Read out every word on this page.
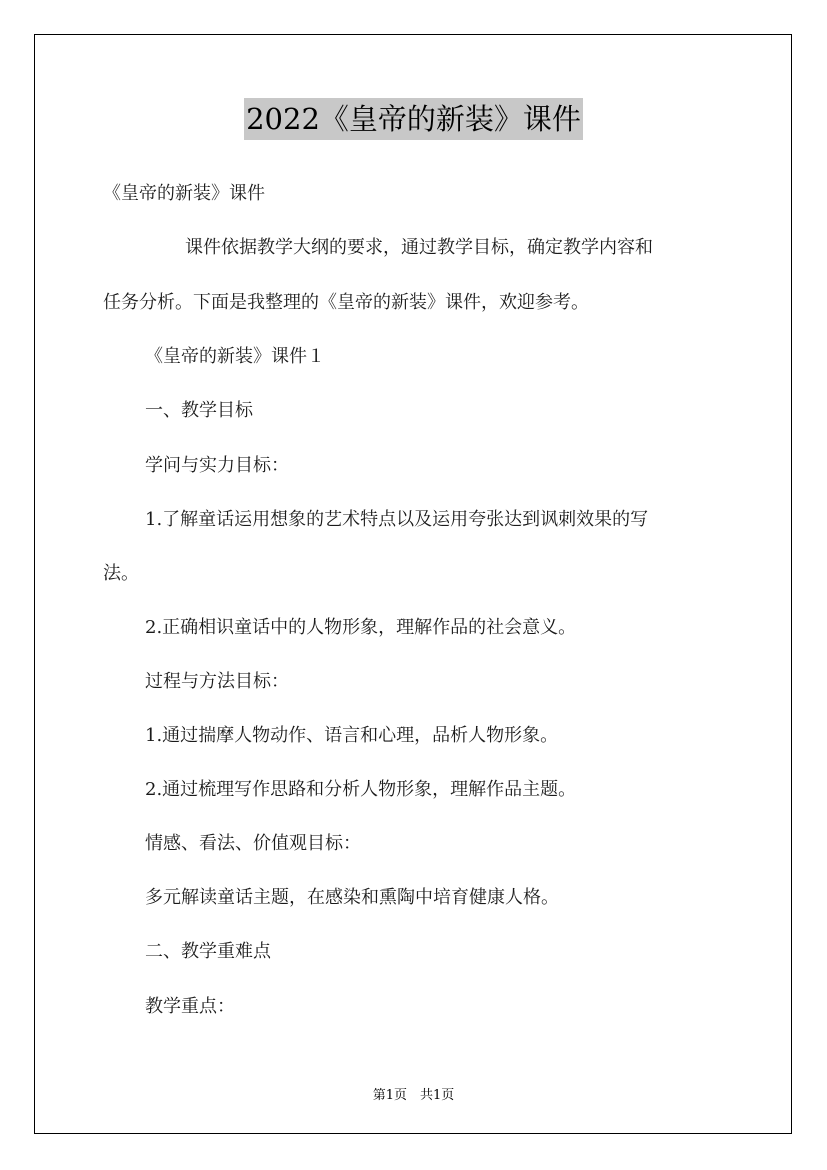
2022《皇帝的新装》课件
《皇帝的新装》课件
课件依据教学大纲的要求，通过教学目标，确定教学内容和
任务分析。下面是我整理的《皇帝的新装》课件，欢迎参考。
《皇帝的新装》课件１
一、教学目标
学问与实力目标：
1.了解童话运用想象的艺术特点以及运用夸张达到讽刺效果的写
法。
2.正确相识童话中的人物形象，理解作品的社会意义。
过程与方法目标：
1.通过揣摩人物动作、语言和心理，品析人物形象。
2.通过梳理写作思路和分析人物形象，理解作品主题。
情感、看法、价值观目标：
多元解读童话主题，在感染和熏陶中培育健康人格。
二、教学重难点
教学重点：
第1页　共1页
